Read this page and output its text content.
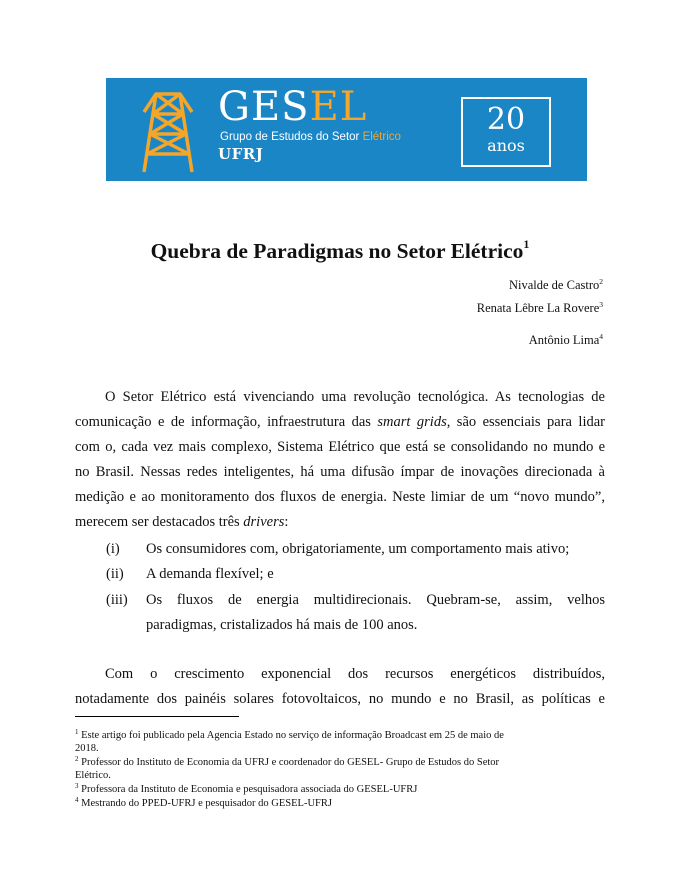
GESEL
Grupo de Estudos do Setor Elétrico
UFRJ
20
anos
Quebra de Paradigmas no Setor Elétrico$^1$
Nivalde de Castro$^2$
Renata Lêbre La Rovere$^3$
Antônio Lima$^4$
O Setor Elétrico está vivenciando uma revolução tecnológica. As tecnologias de
comunicação e de informação, infraestrutura das smart grids, são essenciais para lidar
com o, cada vez mais complexo, Sistema Elétrico que está se consolidando no mundo e
no Brasil. Nessas redes inteligentes, há uma difusão ímpar de inovações direcionada à
medição e ao monitoramento dos fluxos de energia. Neste limiar de um “novo mundo”,
merecem ser destacados três drivers:
(i) Os consumidores com, obrigatoriamente, um comportamento mais ativo;
(ii) A demanda flexível; e
(iii) Os fluxos de energia multidirecionais. Quebram-se, assim, velhos
paradigmas, cristalizados há mais de 100 anos.
Com o crescimento exponencial dos recursos energéticos distribuídos,
notadamente dos painéis solares fotovoltaicos, no mundo e no Brasil, as políticas e
$^1$ Este artigo foi publicado pela Agencia Estado no serviço de informação Broadcast em 25 de maio de
2018.
$^2$ Professor do Instituto de Economia da UFRJ e coordenador do GESEL- Grupo de Estudos do Setor
Elétrico.
$^3$ Professora da Instituto de Economia e pesquisadora associada do GESEL-UFRJ
$^4$ Mestrando do PPED-UFRJ e pesquisador do GESEL-UFRJ
